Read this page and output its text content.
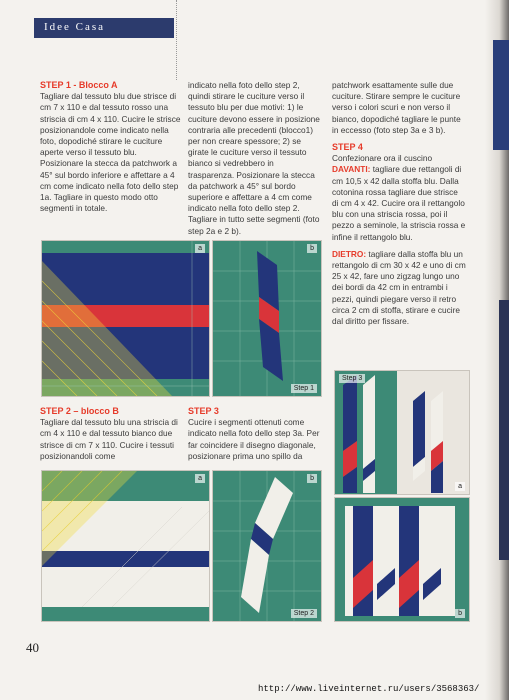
Idee Casa
STEP 1 - Blocco A

Tagliare dal tessuto blu due strisce di cm 7 x 110 e dal tessuto rosso una striscia di cm 4 x 110. Cucire le strisce posizionandole come indicato nella foto, dopodiché stirare le cuciture aperte verso il tessuto blu. Posizionare la stecca da patchwork a 45° sul bordo inferiore e affettare a 4 cm come indicato nella foto dello step 1a. Tagliare in questo modo otto segmenti in totale.

indicato nella foto dello step 2, quindi stirare le cuciture verso il tessuto blu per due motivi: 1) le cuciture devono essere in posizione contraria alle precedenti (blocco1) per non creare spessore; 2) se girate le cuciture verso il tessuto bianco si vedrebbero in trasparenza. Posizionare la stecca da patchwork a 45° sul bordo superiore e affettare a 4 cm come indicato nella foto dello step 2. Tagliare in tutto sette segmenti (foto step 2a e 2 b).

patchwork esattamente sulle due cuciture. Stirare sempre le cuciture verso i colori scuri e non verso il bianco, dopodiché tagliare le punte in eccesso (foto step 3a e 3 b).

STEP 4
Confezionare ora il cuscino

DAVANTI: tagliare due rettangoli di cm 10,5 x 42 dalla stoffa blu. Dalla cotonina rossa tagliare due strisce di cm 4 x 42. Cucire ora il rettangolo blu con una striscia rossa, poi il pezzo a seminole, la striscia rossa e infine il rettangolo blu.

DIETRO: tagliare dalla stoffa blu un rettangolo di cm 30 x 42 e uno di cm 25 x 42, fare uno zigzag lungo uno dei bordi da 42 cm in entrambi i pezzi, quindi piegare verso il retro circa 2 cm di stoffa, stirare e cucire dal diritto per fissare.

a	b
Step 1
STEP 2 – blocco B

Tagliare dal tessuto blu una striscia di cm 4 x 110 e dal tessuto bianco due strisce di cm 7 x 110. Cucire i tessuti posizionandoli come

STEP 3

Cucire i segmenti ottenuti come indicato nella foto dello step 3a. Per far coincidere il disegno diagonale, posizionare prima uno spillo da

a	b
Step 2
Step 3
a
b
40
http://www.liveinternet.ru/users/3568363/
